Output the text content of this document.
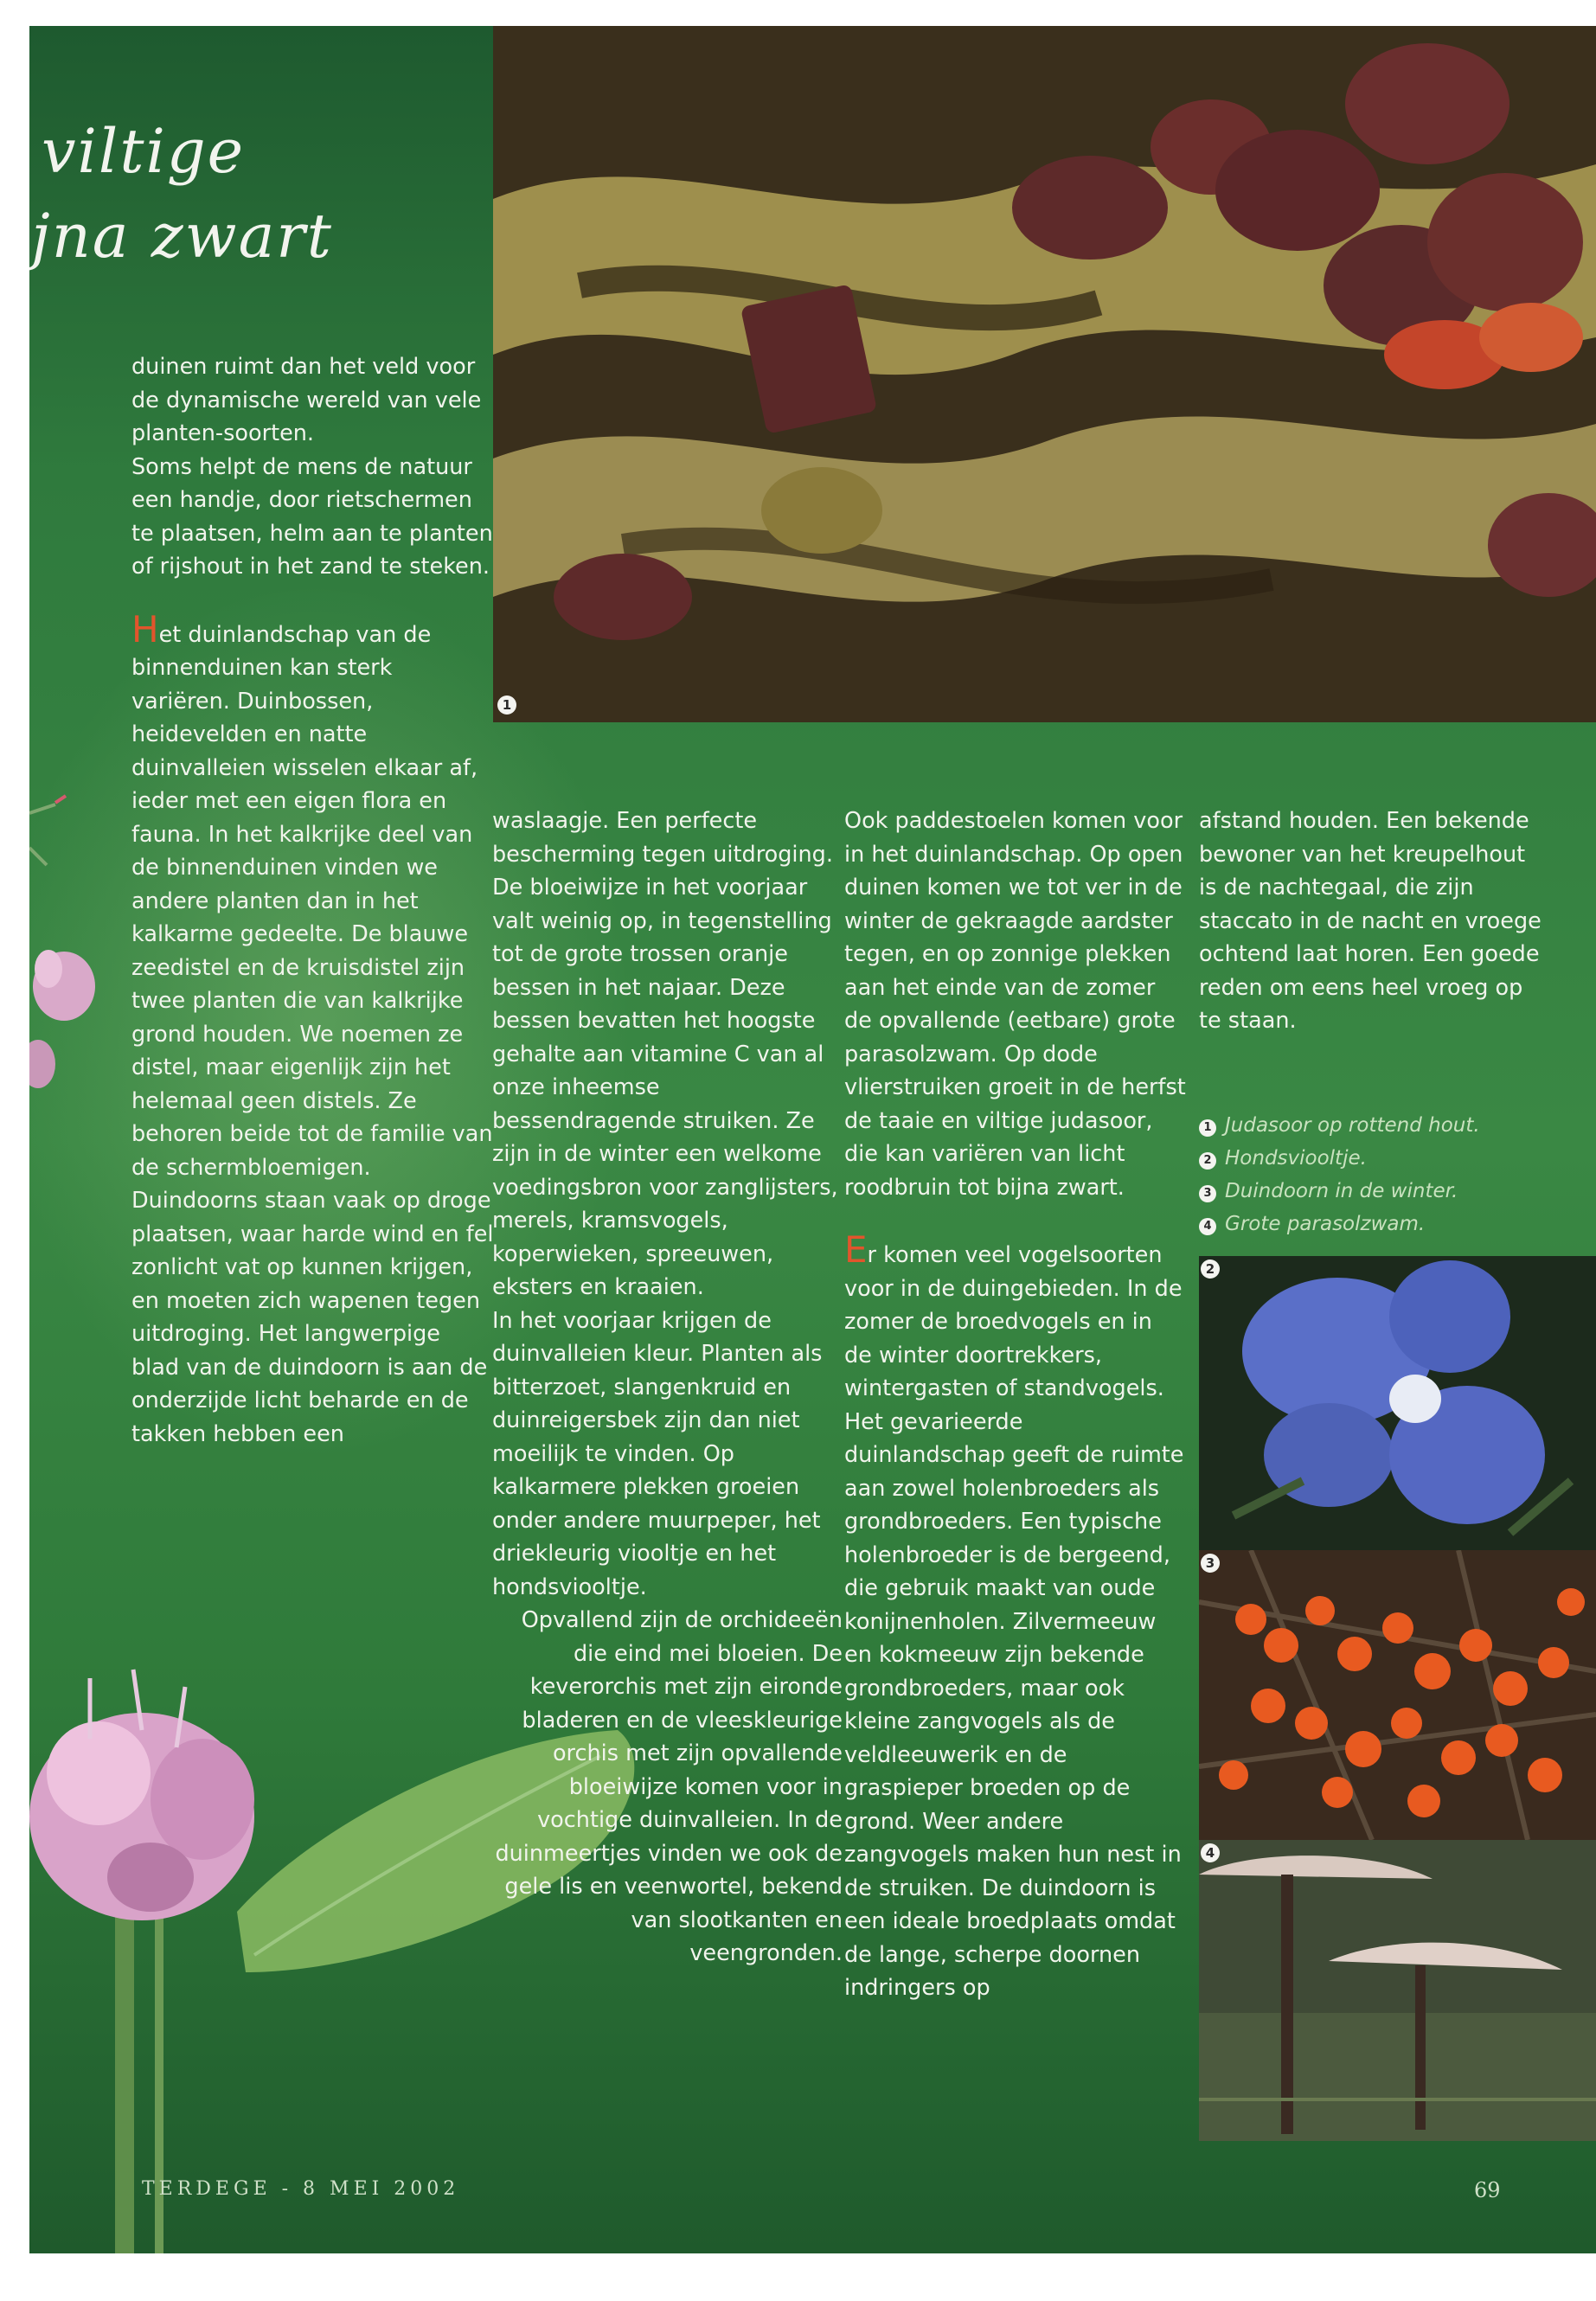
viltige
jna zwart
1

duinen ruimt dan het veld voor de dynamische wereld van vele planten-soorten.

Soms helpt de mens de natuur een handje, door rietschermen te plaatsen, helm aan te planten of rijshout in het zand te steken.

Het duinlandschap van de binnenduinen kan sterk variëren. Duinbossen, heidevelden en natte duinvalleien wisselen elkaar af, ieder met een eigen flora en fauna. In het kalkrijke deel van de binnenduinen vinden we andere planten dan in het kalkarme gedeelte. De blauwe zeedistel en de kruisdistel zijn twee planten die van kalkrijke grond houden. We noemen ze distel, maar eigenlijk zijn het helemaal geen distels. Ze behoren beide tot de familie van de schermbloemigen. Duindoorns staan vaak op droge plaatsen, waar harde wind en fel zonlicht vat op kunnen krijgen, en moeten zich wapenen tegen uitdroging. Het langwerpige blad van de duindoorn is aan de onderzijde licht beharde en de takken hebben een

waslaagje. Een perfecte bescherming tegen uitdroging. De bloeiwijze in het voorjaar valt weinig op, in tegenstelling tot de grote trossen oranje bessen in het najaar. Deze bessen bevatten het hoogste gehalte aan vitamine C van al onze inheemse bessendragende struiken. Ze zijn in de winter een welkome voedingsbron voor zanglijsters, merels, kramsvogels, koperwieken, spreeuwen, eksters en kraaien.

In het voorjaar krijgen de duinvalleien kleur. Planten als bitterzoet, slangenkruid en duinreigersbek zijn dan niet moeilijk te vinden. Op kalkarmere plekken groeien onder andere muurpeper, het driekleurig viooltje en het hondsviooltje.

Opvallend zijn de orchideeën die eind mei bloeien. De keverorchis met zijn eironde bladeren en de vleeskleurige orchis met zijn opvallende bloeiwijze komen voor in vochtige duinvalleien. In de duinmeertjes vinden we ook de gele lis en veenwortel, bekend van slootkanten en veengronden.

Ook paddestoelen komen voor in het duinlandschap. Op open duinen komen we tot ver in de winter de gekraagde aardster tegen, en op zonnige plekken aan het einde van de zomer de opvallende (eetbare) grote parasolzwam. Op dode vlierstruiken groeit in de herfst de taaie en viltige judasoor, die kan variëren van licht roodbruin tot bijna zwart.

Er komen veel vogelsoorten voor in de duingebieden. In de zomer de broedvogels en in de winter doortrekkers, wintergasten of standvogels. Het gevarieerde duinlandschap geeft de ruimte aan zowel holenbroeders als grondbroeders. Een typische holenbroeder is de bergeend, die gebruik maakt van oude konijnenholen. Zilvermeeuw en kokmeeuw zijn bekende grondbroeders, maar ook kleine zangvogels als de veldleeuwerik en de graspieper broeden op de grond. Weer andere zangvogels maken hun nest in de struiken. De duindoorn is een ideale broedplaats omdat de lange, scherpe doornen indringers op

afstand houden. Een bekende bewoner van het kreupelhout is de nachtegaal, die zijn staccato in de nacht en vroege ochtend laat horen. Een goede reden om eens heel vroeg op te staan.

1 Judasoor op rottend hout.
2 Hondsviooltje.
3 Duindoorn in de winter.
4 Grote parasolzwam.
2
3
4
TERDEGE - 8 MEI 2002	69
